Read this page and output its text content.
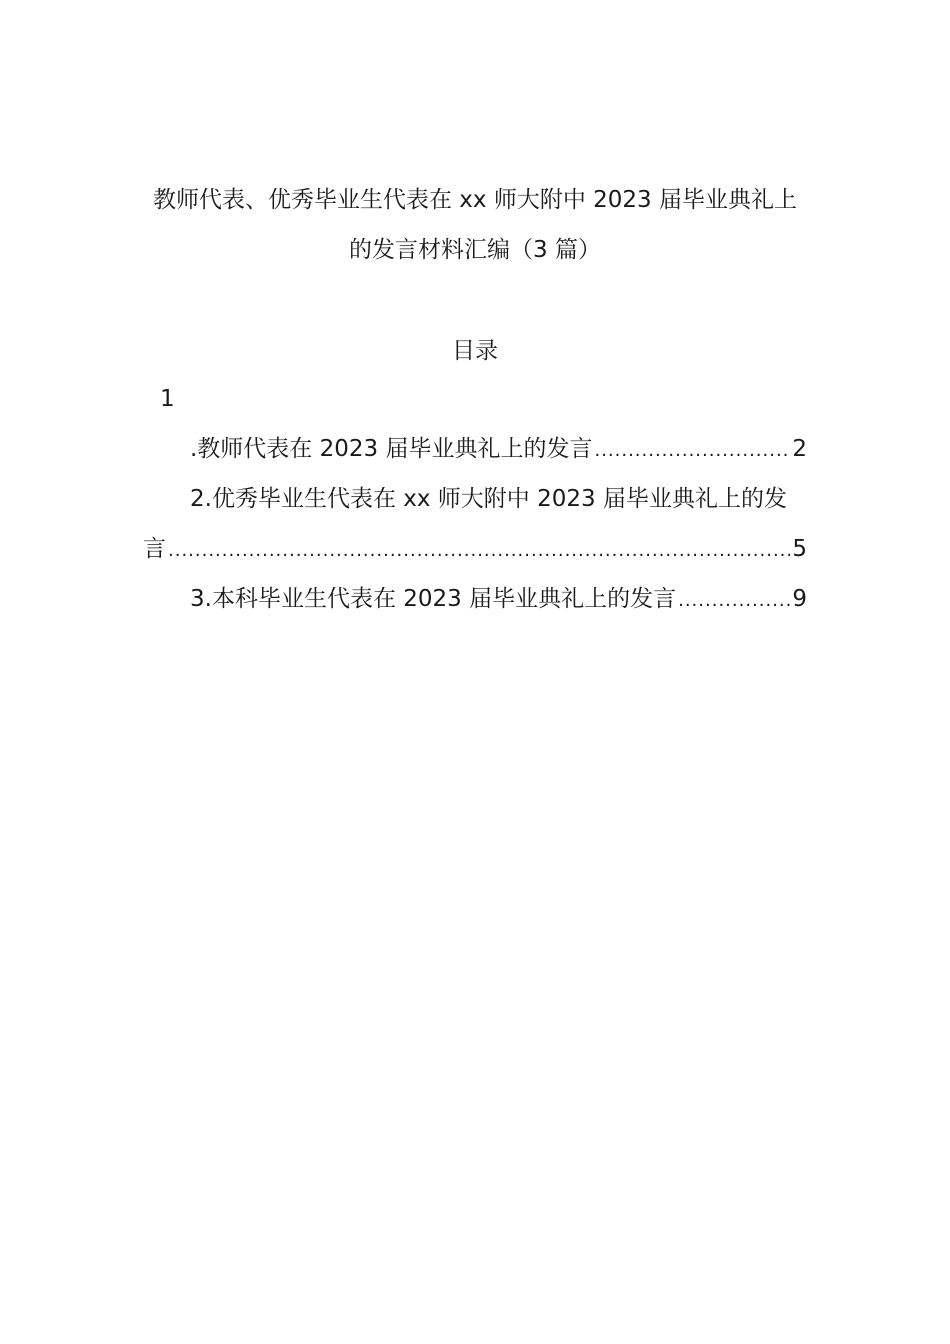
教师代表、优秀毕业生代表在 xx 师大附中 2023 届毕业典礼上
的发言材料汇编（3 篇）
目录
1
.教师代表在 2023 届毕业典礼上的发言 .....	2
2.优秀毕业生代表在 xx 师大附中 2023 届毕业典礼上的发
言 .....	5
3.本科毕业生代表在 2023 届毕业典礼上的发言 .....	9
